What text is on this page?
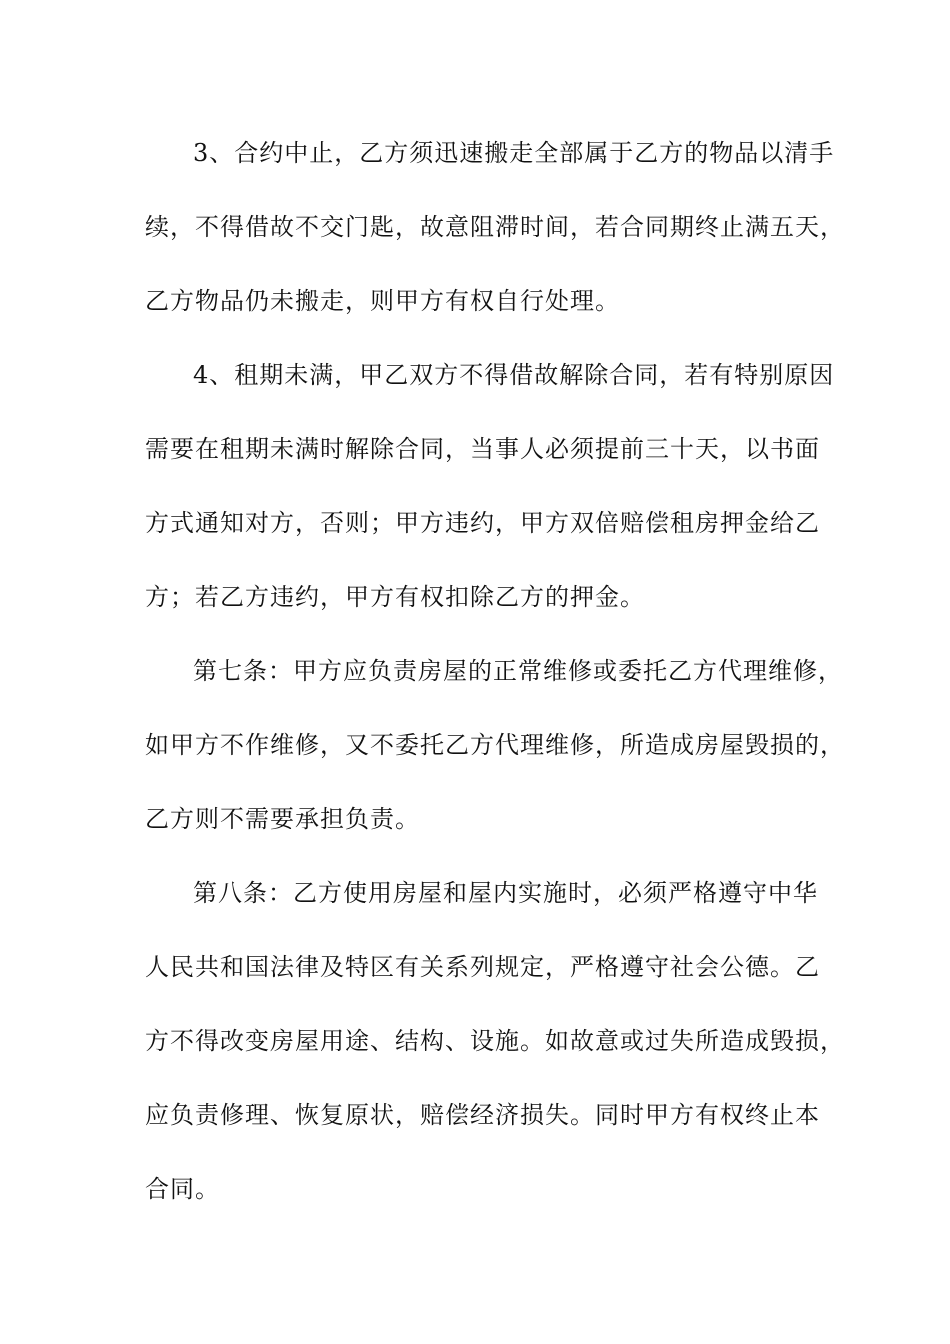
3、合约中止，乙方须迅速搬走全部属于乙方的物品以清手
续，不得借故不交门匙，故意阻滞时间，若合同期终止满五天，
乙方物品仍未搬走，则甲方有权自行处理。
4、租期未满，甲乙双方不得借故解除合同，若有特别原因
需要在租期未满时解除合同，当事人必须提前三十天，以书面
方式通知对方，否则；甲方违约，甲方双倍赔偿租房押金给乙
方；若乙方违约，甲方有权扣除乙方的押金。
第七条：甲方应负责房屋的正常维修或委托乙方代理维修，
如甲方不作维修，又不委托乙方代理维修，所造成房屋毁损的，
乙方则不需要承担负责。
第八条：乙方使用房屋和屋内实施时，必须严格遵守中华
人民共和国法律及特区有关系列规定，严格遵守社会公德。乙
方不得改变房屋用途、结构、设施。如故意或过失所造成毁损，
应负责修理、恢复原状，赔偿经济损失。同时甲方有权终止本
合同。
